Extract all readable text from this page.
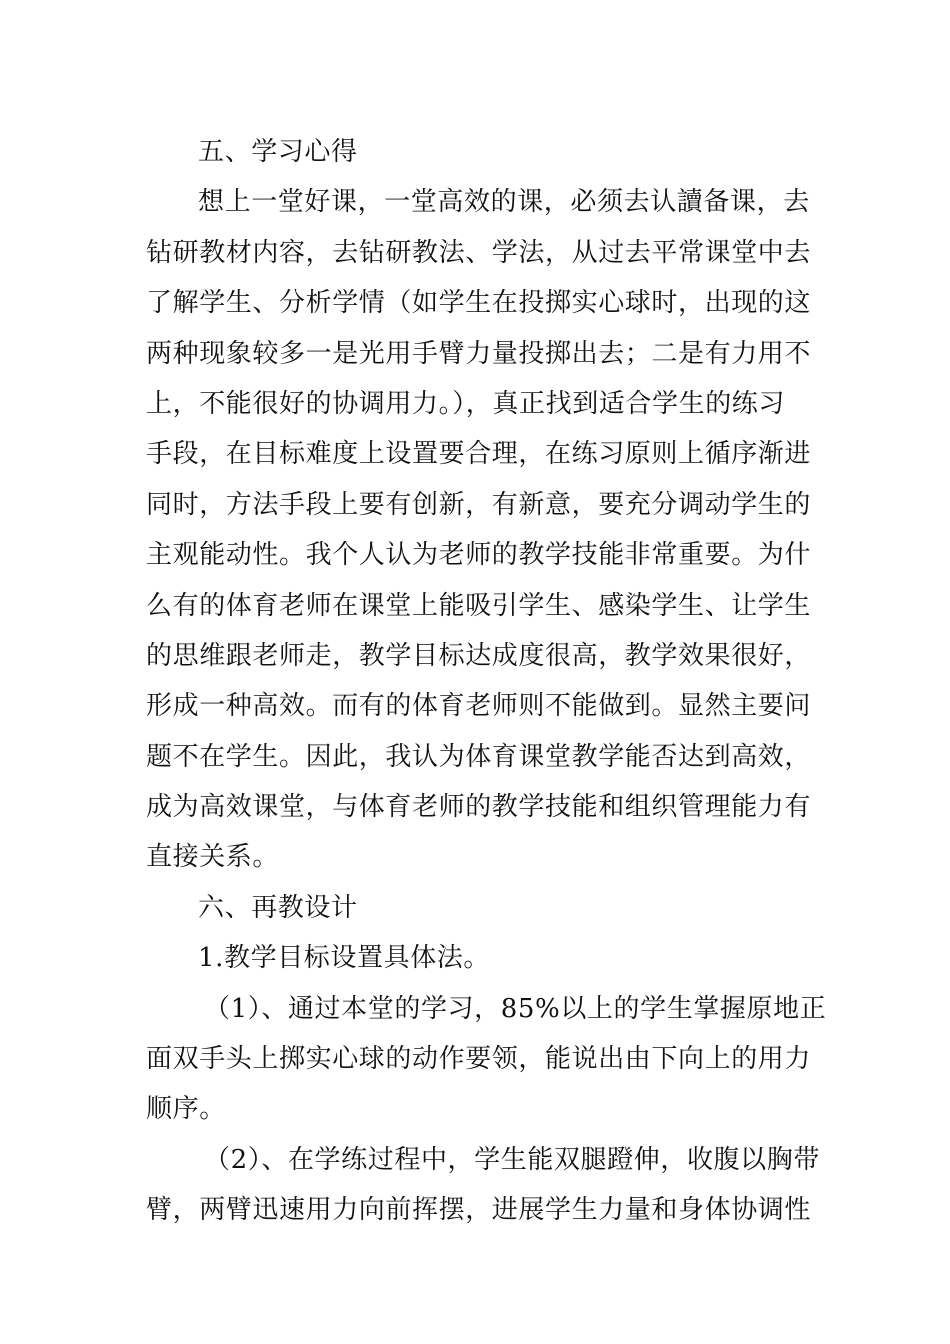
五、学习心得
想上一堂好课，一堂高效的课，必须去认讀备课，去
钻研教材内容，去钻研教法、学法，从过去平常课堂中去
了解学生、分析学情（如学生在投掷实心球时，出现的这
两种现象较多一是光用手臂力量投掷出去；二是有力用不
上，不能很好的协调用力。），真正找到适合学生的练习
手段，在目标难度上设置要合理，在练习原则上循序渐进
同时，方法手段上要有创新，有新意，要充分调动学生的
主观能动性。我个人认为老师的教学技能非常重要。为什
么有的体育老师在课堂上能吸引学生、感染学生、让学生
的思维跟老师走，教学目标达成度很高，教学效果很好，
形成一种高效。而有的体育老师则不能做到。显然主要问
题不在学生。因此，我认为体育课堂教学能否达到高效，
成为高效课堂，与体育老师的教学技能和组织管理能力有
直接关系。
六、再教设计
1.教学目标设置具体法。
（1）、通过本堂的学习，85%以上的学生掌握原地正
面双手头上掷实心球的动作要领，能说出由下向上的用力
顺序。
（2）、在学练过程中，学生能双腿蹬伸，收腹以胸带
臂，两臂迅速用力向前挥摆，进展学生力量和身体协调性
